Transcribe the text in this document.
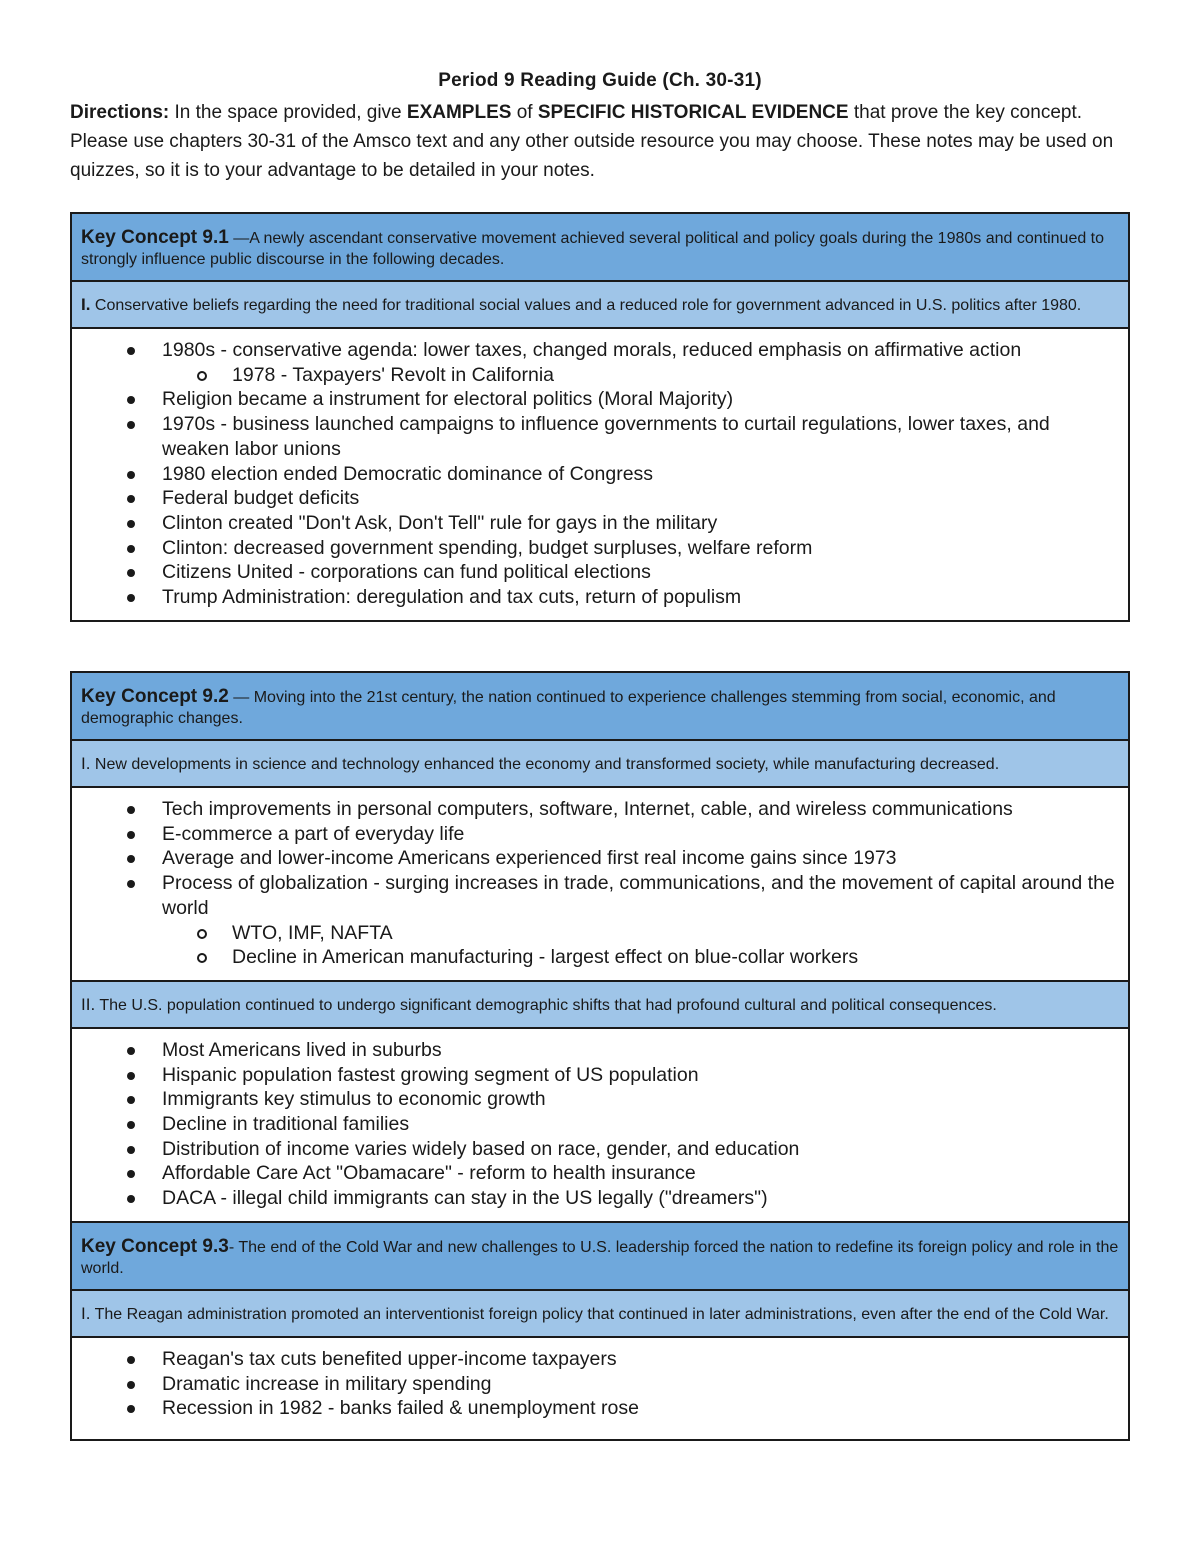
Period 9 Reading Guide (Ch. 30-31)

Directions: In the space provided, give EXAMPLES of SPECIFIC HISTORICAL EVIDENCE that prove the key concept. Please use chapters 30-31 of the Amsco text and any other outside resource you may choose. These notes may be used on quizzes, so it is to your advantage to be detailed in your notes.

Key Concept 9.1 —A newly ascendant conservative movement achieved several political and policy goals during the 1980s and continued to strongly influence public discourse in the following decades.
I. Conservative beliefs regarding the need for traditional social values and a reduced role for government advanced in U.S. politics after 1980.

1980s - conservative agenda: lower taxes, changed morals, reduced emphasis on affirmative action
1978 - Taxpayers' Revolt in California
Religion became a instrument for electoral politics (Moral Majority)
1970s - business launched campaigns to influence governments to curtail regulations, lower taxes, and weaken labor unions
1980 election ended Democratic dominance of Congress
Federal budget deficits
Clinton created "Don't Ask, Don't Tell" rule for gays in the military
Clinton: decreased government spending, budget surpluses, welfare reform
Citizens United - corporations can fund political elections
Trump Administration: deregulation and tax cuts, return of populism
Key Concept 9.2 — Moving into the 21st century, the nation continued to experience challenges stemming from social, economic, and demographic changes.
I. New developments in science and technology enhanced the economy and transformed society, while manufacturing decreased.

Tech improvements in personal computers, software, Internet, cable, and wireless communications
E-commerce a part of everyday life
Average and lower-income Americans experienced first real income gains since 1973
Process of globalization - surging increases in trade, communications, and the movement of capital around the world
WTO, IMF, NAFTA
Decline in American manufacturing - largest effect on blue-collar workers

II. The U.S. population continued to undergo significant demographic shifts that had profound cultural and political consequences.

Most Americans lived in suburbs
Hispanic population fastest growing segment of US population
Immigrants key stimulus to economic growth
Decline in traditional families
Distribution of income varies widely based on race, gender, and education
Affordable Care Act "Obamacare" - reform to health insurance
DACA - illegal child immigrants can stay in the US legally ("dreamers")

Key Concept 9.3- The end of the Cold War and new challenges to U.S. leadership forced the nation to redefine its foreign policy and role in the world.
I. The Reagan administration promoted an interventionist foreign policy that continued in later administrations, even after the end of the Cold War.

Reagan's tax cuts benefited upper-income taxpayers
Dramatic increase in military spending
Recession in 1982 - banks failed & unemployment rose
